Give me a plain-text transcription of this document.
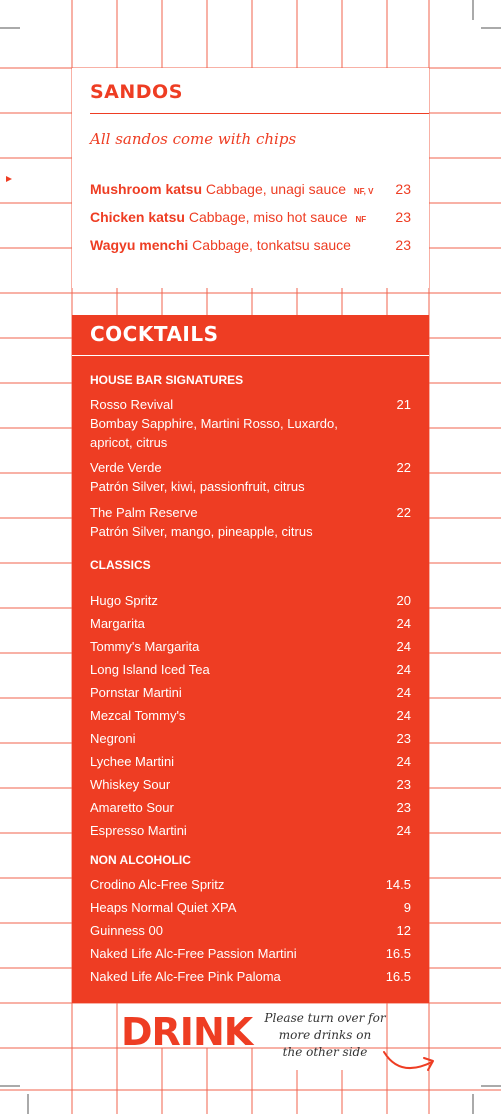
SANDOS
All sandos come with chips
Mushroom katsu Cabbage, unagi sauce NF, V 23
Chicken katsu Cabbage, miso hot sauce NF 23
Wagyu menchi Cabbage, tonkatsu sauce	23
COCKTAILS
HOUSE BAR SIGNATURES
Rosso Revival	21
Bombay Sapphire, Martini Rosso, Luxardo, apricot, citrus
Verde Verde	22
Patrón Silver, kiwi, passionfruit, citrus
The Palm Reserve	22
Patrón Silver, mango, pineapple, citrus
CLASSICS
Hugo Spritz	20
Margarita	24
Tommy's Margarita	24
Long Island Iced Tea	24
Pornstar Martini	24
Mezcal Tommy's	24
Negroni	23
Lychee Martini	24
Whiskey Sour	23
Amaretto Sour	23
Espresso Martini	24
NON ALCOHOLIC
Crodino Alc-Free Spritz	14.5
Heaps Normal Quiet XPA	9
Guinness 00	12
Naked Life Alc-Free Passion Martini	16.5
Naked Life Alc-Free Pink Paloma	16.5
DRINK	Please turn over for
more drinks on
the other side
